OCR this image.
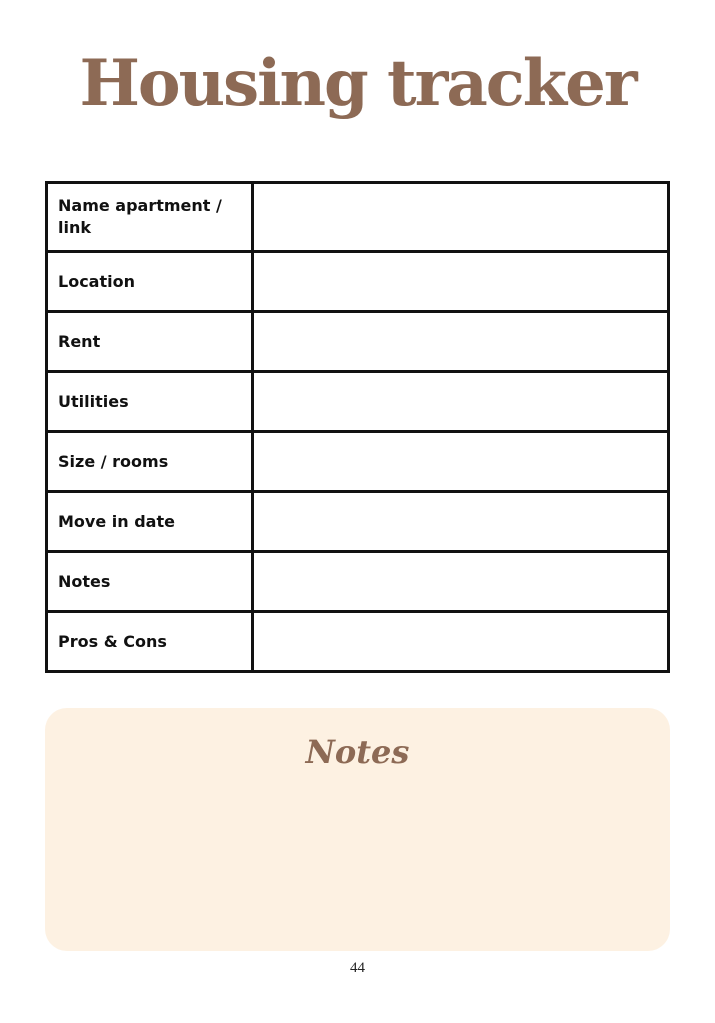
Housing tracker
Name apartment / link	
Location	
Rent	
Utilities	
Size / rooms	
Move in date	
Notes	
Pros & Cons	
Notes
44
